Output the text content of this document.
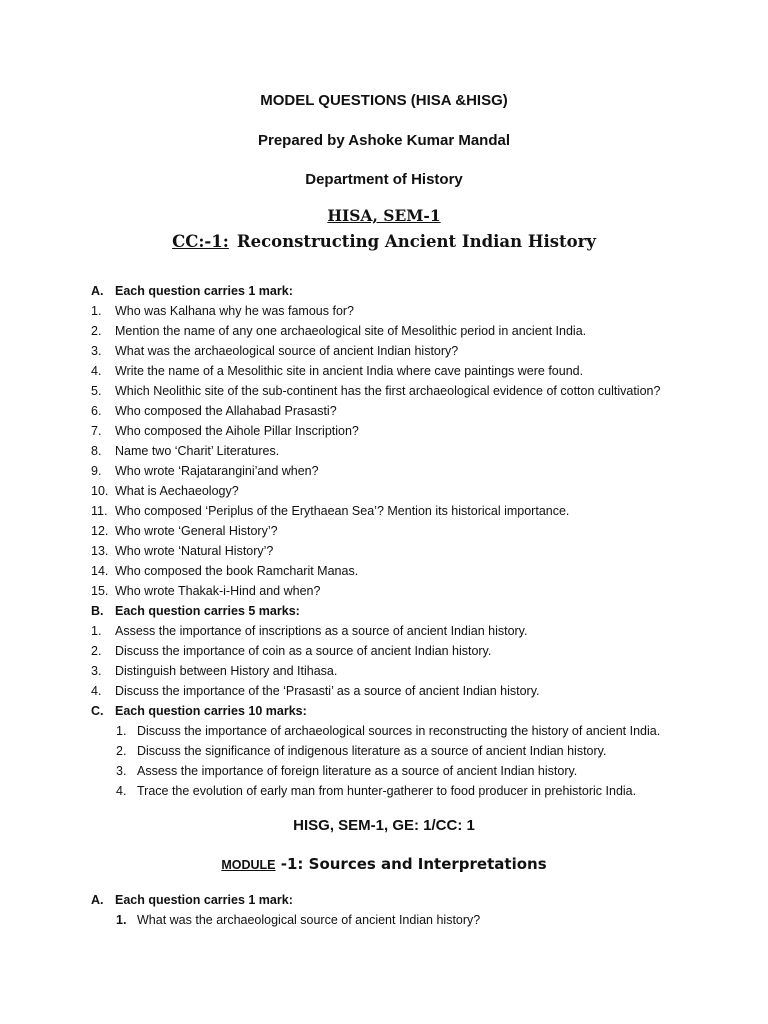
MODEL QUESTIONS (HISA &HISG)
Prepared by Ashoke Kumar Mandal
Department of History
HISA, SEM-1
CC:-1: Reconstructing Ancient Indian History
A. Each question carries 1 mark:
1. Who was Kalhana why he was famous for?
2. Mention the name of any one archaeological site of Mesolithic period in ancient India.
3. What was the archaeological source of ancient Indian history?
4. Write the name of a Mesolithic site in ancient India where cave paintings were found.
5. Which Neolithic site of the sub-continent has the first archaeological evidence of cotton cultivation?
6. Who composed the Allahabad Prasasti?
7. Who composed the Aihole Pillar Inscription?
8. Name two ‘Charit’ Literatures.
9. Who wrote ‘Rajatarangini’and when?
10. What is Aechaeology?
11. Who composed ‘Periplus of the Erythaean Sea’? Mention its historical importance.
12. Who wrote ‘General History’?
13. Who wrote ‘Natural History’?
14. Who composed the book Ramcharit Manas.
15. Who wrote Thakak-i-Hind and when?
B. Each question carries 5 marks:
1. Assess the importance of inscriptions as a source of ancient Indian history.
2. Discuss the importance of coin as a source of ancient Indian history.
3. Distinguish between History and Itihasa.
4. Discuss the importance of the ‘Prasasti’ as a source of ancient Indian history.
C. Each question carries 10 marks:
1. Discuss the importance of archaeological sources in reconstructing the history of ancient India.
2. Discuss the significance of indigenous literature as a source of ancient Indian history.
3. Assess the importance of foreign literature as a source of ancient Indian history.
4. Trace the evolution of early man from hunter-gatherer to food producer in prehistoric India.
HISG, SEM-1, GE: 1/CC: 1
MODULE -1: Sources and Interpretations
A. Each question carries 1 mark:
1. What was the archaeological source of ancient Indian history?
